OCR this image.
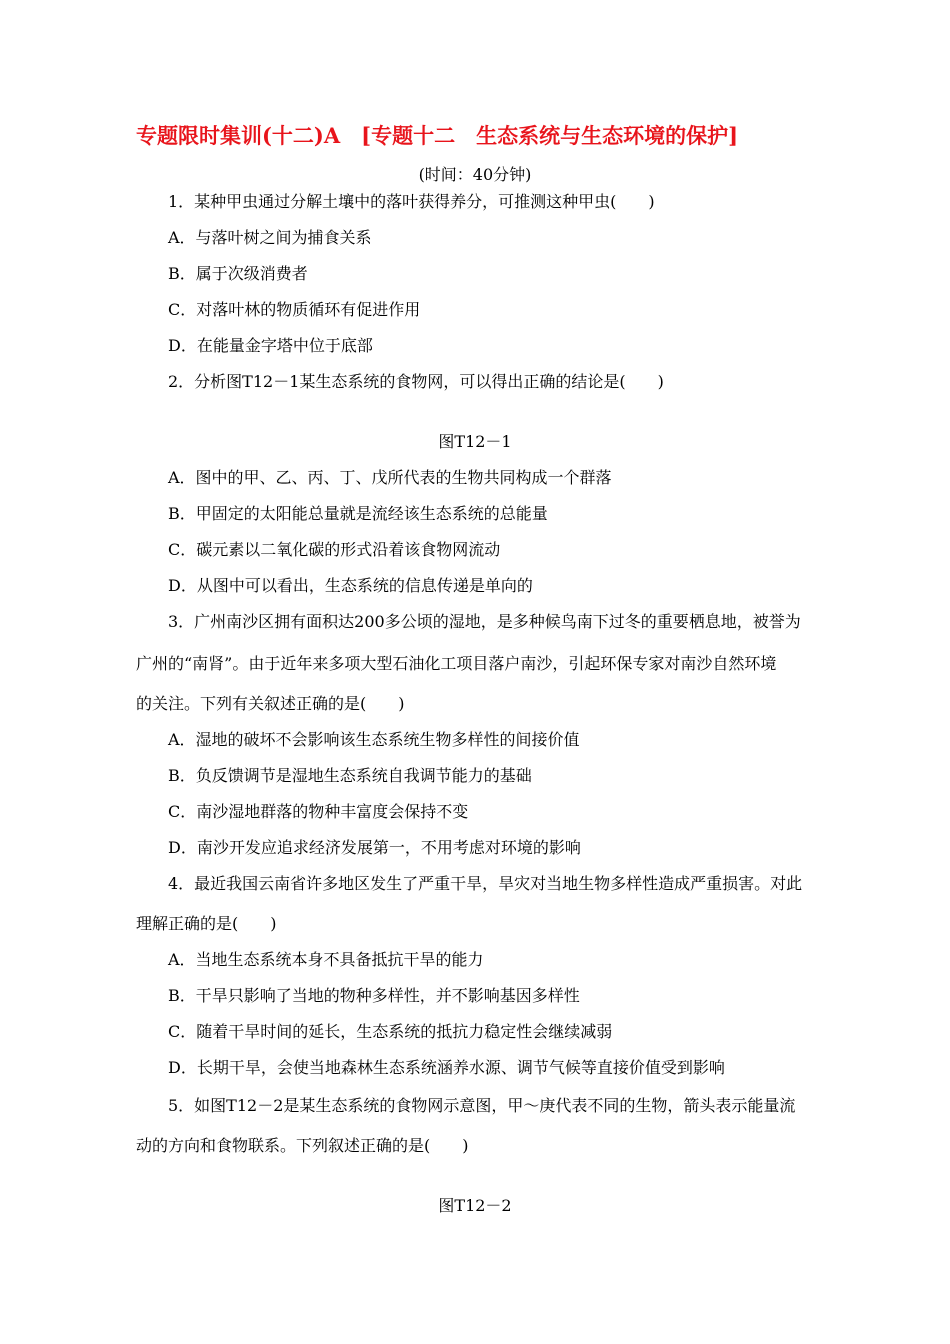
专题限时集训(十二)A　[专题十二　生态系统与生态环境的保护]
(时间：40分钟)
1．某种甲虫通过分解土壤中的落叶获得养分，可推测这种甲虫(　　)
A．与落叶树之间为捕食关系
B．属于次级消费者
C．对落叶林的物质循环有促进作用
D．在能量金字塔中位于底部
2．分析图T12－1某生态系统的食物网，可以得出正确的结论是(　　)
图T12－1
A．图中的甲、乙、丙、丁、戊所代表的生物共同构成一个群落
B．甲固定的太阳能总量就是流经该生态系统的总能量
C．碳元素以二氧化碳的形式沿着该食物网流动
D．从图中可以看出，生态系统的信息传递是单向的
3．广州南沙区拥有面积达200多公顷的湿地，是多种候鸟南下过冬的重要栖息地，被誉为
广州的“南肾”。由于近年来多项大型石油化工项目落户南沙，引起环保专家对南沙自然环境
的关注。下列有关叙述正确的是(　　)
A．湿地的破坏不会影响该生态系统生物多样性的间接价值
B．负反馈调节是湿地生态系统自我调节能力的基础
C．南沙湿地群落的物种丰富度会保持不变
D．南沙开发应追求经济发展第一，不用考虑对环境的影响
4．最近我国云南省许多地区发生了严重干旱，旱灾对当地生物多样性造成严重损害。对此
理解正确的是(　　)
A．当地生态系统本身不具备抵抗干旱的能力
B．干旱只影响了当地的物种多样性，并不影响基因多样性
C．随着干旱时间的延长，生态系统的抵抗力稳定性会继续减弱
D．长期干旱，会使当地森林生态系统涵养水源、调节气候等直接价值受到影响
5．如图T12－2是某生态系统的食物网示意图，甲～庚代表不同的生物，箭头表示能量流
动的方向和食物联系。下列叙述正确的是(　　)
图T12－2
